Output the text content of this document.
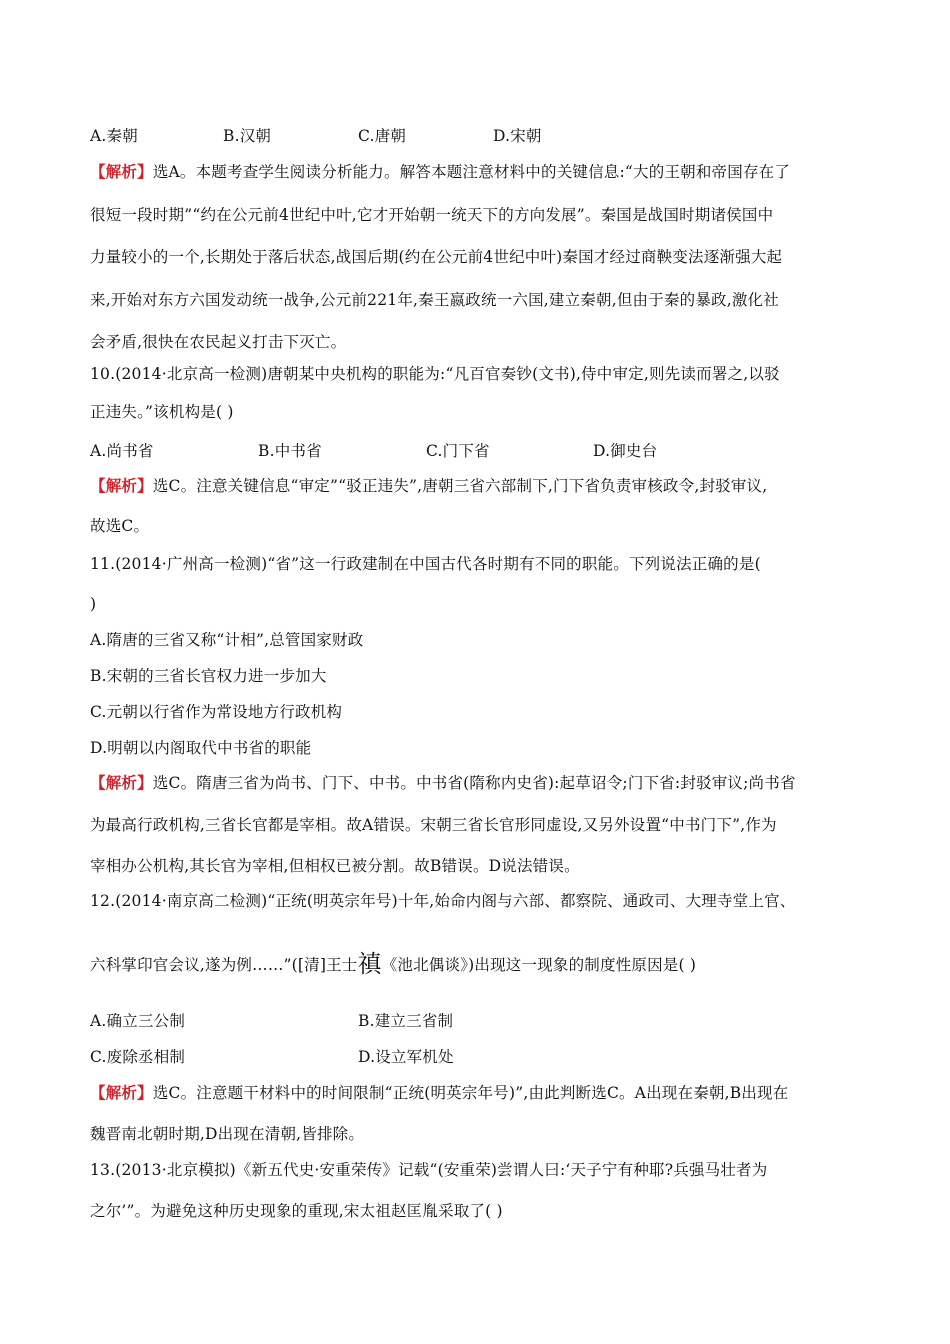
A.秦朝	B.汉朝	C.唐朝	D.宋朝
【解析】选A。本题考查学生阅读分析能力。解答本题注意材料中的关键信息:“大的王朝和帝国存在了
很短一段时期”“约在公元前4世纪中叶,它才开始朝一统天下的方向发展”。秦国是战国时期诸侯国中
力量较小的一个,长期处于落后状态,战国后期(约在公元前4世纪中叶)秦国才经过商鞅变法逐渐强大起
来,开始对东方六国发动统一战争,公元前221年,秦王嬴政统一六国,建立秦朝,但由于秦的暴政,激化社
会矛盾,很快在农民起义打击下灭亡。
10.(2014·北京高一检测)唐朝某中央机构的职能为:“凡百官奏钞(文书),侍中审定,则先读而署之,以驳
正违失。”该机构是( )
A.尚书省	B.中书省	C.门下省	D.御史台
【解析】选C。注意关键信息“审定”“驳正违失”,唐朝三省六部制下,门下省负责审核政令,封驳审议,
故选C。
11.(2014·广州高一检测)“省”这一行政建制在中国古代各时期有不同的职能。下列说法正确的是(
)
A.隋唐的三省又称“计相”,总管国家财政
B.宋朝的三省长官权力进一步加大
C.元朝以行省作为常设地方行政机构
D.明朝以内阁取代中书省的职能
【解析】选C。隋唐三省为尚书、门下、中书。中书省(隋称内史省):起草诏令;门下省:封驳审议;尚书省
为最高行政机构,三省长官都是宰相。故A错误。宋朝三省长官形同虚设,又另外设置“中书门下”,作为
宰相办公机构,其长官为宰相,但相权已被分割。故B错误。D说法错误。
12.(2014·南京高二检测)“正统(明英宗年号)十年,始命内阁与六部、都察院、通政司、大理寺堂上官、
六科掌印官会议,遂为例……”([清]王士禛《池北偶谈》)出现这一现象的制度性原因是( )
A.确立三公制	B.建立三省制
C.废除丞相制	D.设立军机处
【解析】选C。注意题干材料中的时间限制“正统(明英宗年号)”,由此判断选C。A出现在秦朝,B出现在
魏晋南北朝时期,D出现在清朝,皆排除。
13.(2013·北京模拟)《新五代史·安重荣传》记载“(安重荣)尝谓人曰:‘天子宁有种耶?兵强马壮者为
之尔’”。为避免这种历史现象的重现,宋太祖赵匡胤采取了( )
